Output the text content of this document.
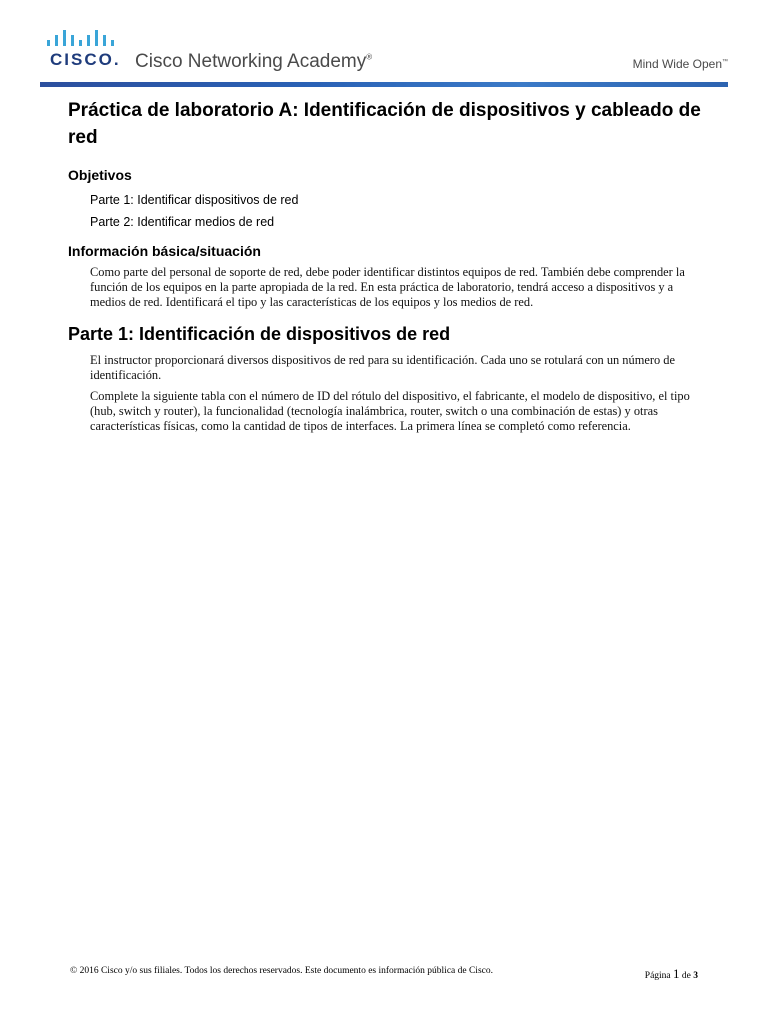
CISCO. Cisco Networking Academy®	Mind Wide Open™
Práctica de laboratorio A: Identificación de dispositivos y cableado de red
Objetivos
Parte 1: Identificar dispositivos de red
Parte 2: Identificar medios de red
Información básica/situación

Como parte del personal de soporte de red, debe poder identificar distintos equipos de red. También debe comprender la función de los equipos en la parte apropiada de la red. En esta práctica de laboratorio, tendrá acceso a dispositivos y a medios de red. Identificará el tipo y las características de los equipos y los medios de red.

Parte 1: Identificación de dispositivos de red

El instructor proporcionará diversos dispositivos de red para su identificación. Cada uno se rotulará con un número de identificación.

Complete la siguiente tabla con el número de ID del rótulo del dispositivo, el fabricante, el modelo de dispositivo, el tipo (hub, switch y router), la funcionalidad (tecnología inalámbrica, router, switch o una combinación de estas) y otras características físicas, como la cantidad de tipos de interfaces. La primera línea se completó como referencia.

© 2016 Cisco y/o sus filiales. Todos los derechos reservados. Este documento es información pública de Cisco.	Página 1 de 3
